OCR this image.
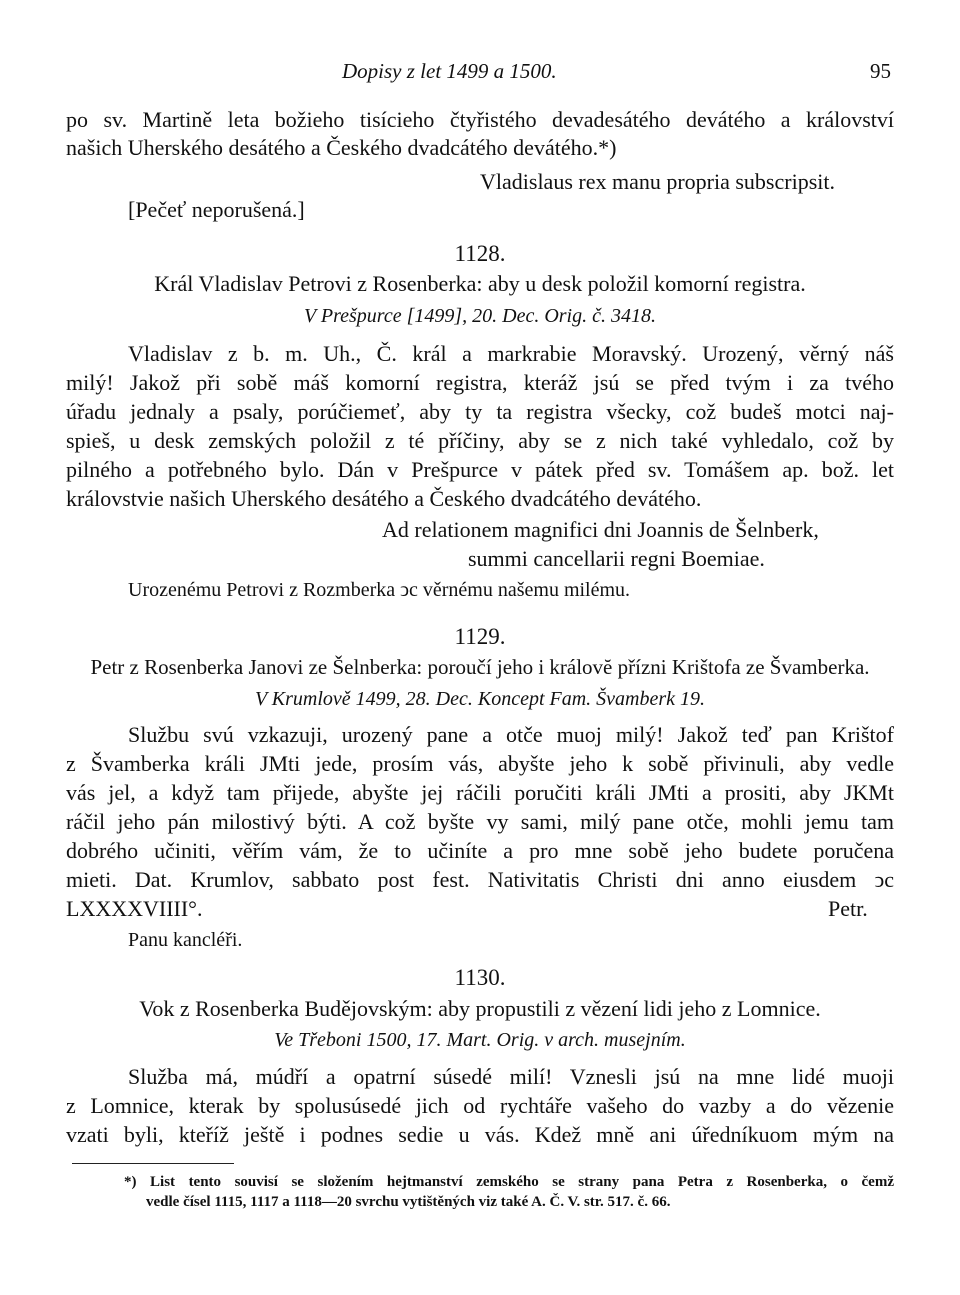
Dopisy z let 1499 a 1500.	95
po sv. Martině leta božieho tisícieho čtyřistého devadesátého devátého a království
našich Uherského desátého a Českého dvadcátého devátého.*)
Vladislaus rex manu propria subscripsit.
[Pečeť neporušená.]
1128.
Král Vladislav Petrovi z Rosenberka: aby u desk položil komorní registra.
V Prešpurce [1499], 20. Dec. Orig. č. 3418.
Vladislav z b. m. Uh., Č. král a markrabie Moravský. Urozený, věrný náš
milý! Jakož při sobě máš komorní registra, kteráž jsú se před tvým i za tvého
úřadu jednaly a psaly, porúčiemeť, aby ty ta registra všecky, což budeš motci naj-
spieš, u desk zemských položil z té příčiny, aby se z nich také vyhledalo, což by
pilného a potřebného bylo. Dán v Prešpurce v pátek před sv. Tomášem ap. bož. let
královstvie našich Uherského desátého a Českého dvadcátého devátého.
Ad relationem magnifici dni Joannis de Šelnberk,
summi cancellarii regni Boemiae.
Urozenému Petrovi z Rozmberka ↄc věrnému našemu milému.
1129.
Petr z Rosenberka Janovi ze Šelnberka: poroučí jeho i královĕ přízni Krištofa ze Švamberka.
V Krumlově 1499, 28. Dec. Koncept Fam. Švamberk 19.
Službu svú vzkazuji, urozený pane a otče muoj milý! Jakož teď pan Krištof
z Švamberka králi JMti jede, prosím vás, abyšte jeho k sobě přivinuli, aby vedle
vás jel, a když tam přijede, abyšte jej ráčili poručiti králi JMti a prositi, aby JKMt
ráčil jeho pán milostivý býti. A což byšte vy sami, milý pane otče, mohli jemu tam
dobrého učiniti, věřím vám, že to učiníte a pro mne sobě jeho budete poručena
mieti. Dat. Krumlov, sabbato post fest. Nativitatis Christi dni anno eiusdem ↄc
LXXXXVIIII°.	Petr.
Panu kancléři.
1130.
Vok z Rosenberka Budějovským: aby propustili z vězení lidi jeho z Lomnice.
Ve Třeboni 1500, 17. Mart. Orig. v arch. musejním.
Služba má, múdří a opatrní súsedé milí! Vznesli jsú na mne lidé muoji
z Lomnice, kterak by spolusúsedé jich od rychtáře vašeho do vazby a do vězenie
vzati byli, kteříž ještě i podnes sedie u vás. Kdež mně ani úředníkuom mým na
*) List tento souvisí se složením hejtmanství zemského se strany pana Petra z Rosenberka, o čemž
vedle čísel 1115, 1117 a 1118—20 svrchu vytištěných viz také A. Č. V. str. 517. č. 66.
